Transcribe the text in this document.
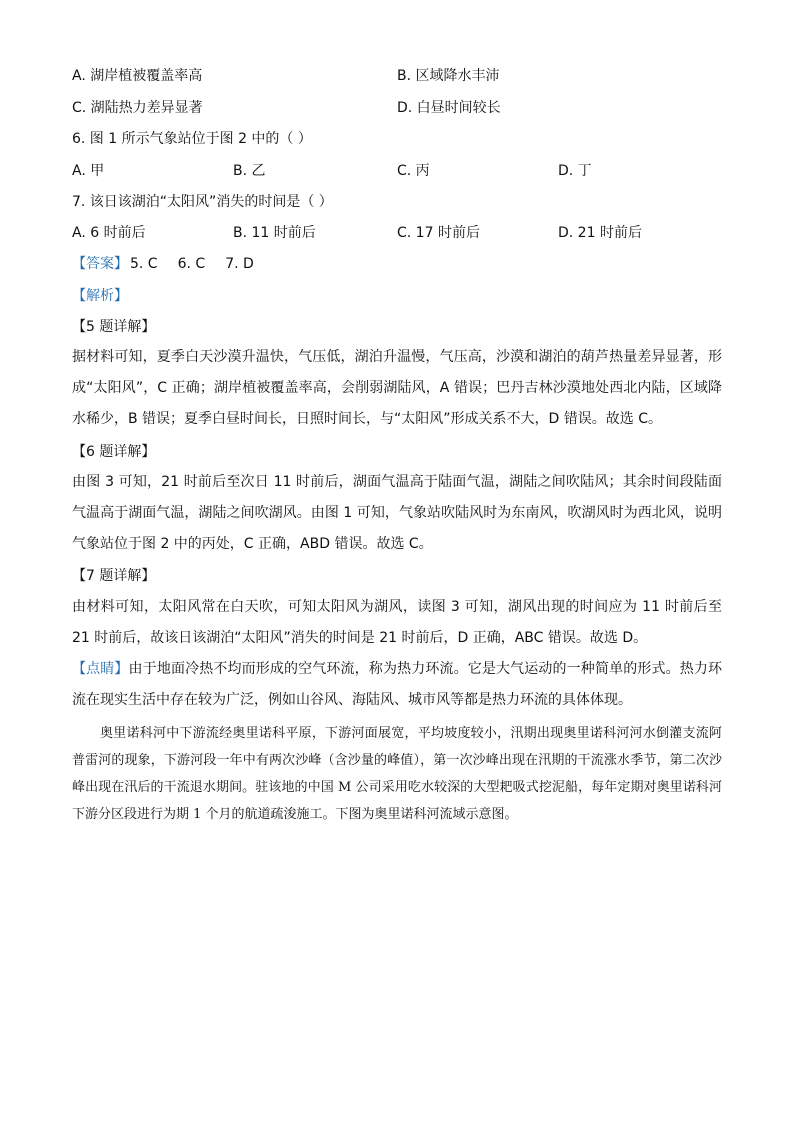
A. 湖岸植被覆盖率高	B. 区域降水丰沛
C. 湖陆热力差异显著	D. 白昼时间较长
6. 图 1 所示气象站位于图 2 中的（ ）
A. 甲	B. 乙	C. 丙	D. 丁
7. 该日该湖泊“太阳风”消失的时间是（ ）
A. 6 时前后	B. 11 时前后	C. 17 时前后	D. 21 时前后
【答案】 5. C 6. C 7. D
【解析】
【5 题详解】
据材料可知，夏季白天沙漠升温快，气压低，湖泊升温慢，气压高，沙漠和湖泊的葫芦热量差异显著，形成“太阳风”，C 正确；湖岸植被覆盖率高，会削弱湖陆风，A 错误；巴丹吉林沙漠地处西北内陆，区域降水稀少，B 错误；夏季白昼时间长，日照时间长，与“太阳风”形成关系不大，D 错误。故选 C。
【6 题详解】
由图 3 可知，21 时前后至次日 11 时前后，湖面气温高于陆面气温，湖陆之间吹陆风；其余时间段陆面气温高于湖面气温，湖陆之间吹湖风。由图 1 可知，气象站吹陆风时为东南风，吹湖风时为西北风，说明气象站位于图 2 中的丙处，C 正确，ABD 错误。故选 C。
【7 题详解】
由材料可知，太阳风常在白天吹，可知太阳风为湖风，读图 3 可知，湖风出现的时间应为 11 时前后至 21 时前后，故该日该湖泊“太阳风”消失的时间是 21 时前后，D 正确，ABC 错误。故选 D。
【点睛】由于地面冷热不均而形成的空气环流，称为热力环流。它是大气运动的一种简单的形式。热力环流在现实生活中存在较为广泛，例如山谷风、海陆风、城市风等都是热力环流的具体体现。
奥里诺科河中下游流经奥里诺科平原，下游河面展宽，平均坡度较小，汛期出现奥里诺科河河水倒灌支流阿普雷河的现象，下游河段一年中有两次沙峰（含沙量的峰值），第一次沙峰出现在汛期的干流涨水季节，第二次沙峰出现在汛后的干流退水期间。驻该地的中国 M 公司采用吃水较深的大型耙吸式挖泥船，每年定期对奥里诺科河下游分区段进行为期 1 个月的航道疏浚施工。下图为奥里诺科河流域示意图。
